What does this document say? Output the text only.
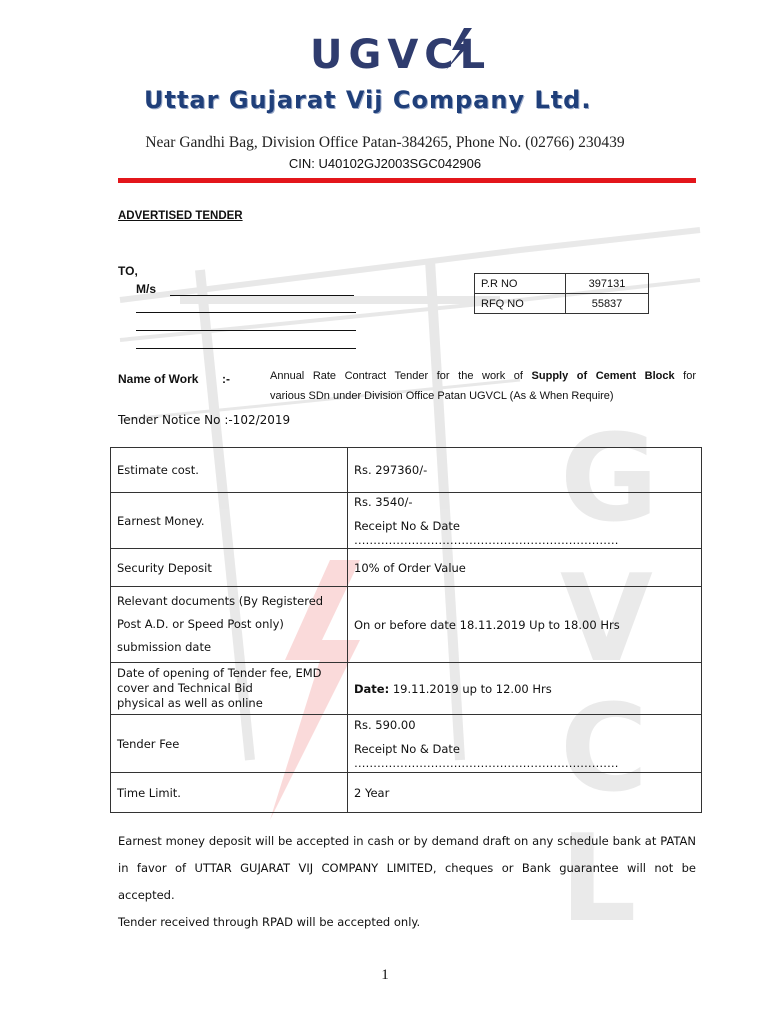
G
V
C
L
UGVCL
Uttar Gujarat Vij Company Ltd.
Near Gandhi Bag, Division Office Patan-384265, Phone No. (02766) 230439
CIN: U40102GJ2003SGC042906
ADVERTISED TENDER
TO,
M/s	P.R NO	397131
RFQ NO	55837
Name of Work :-	Annual Rate Contract Tender for the work of Supply of Cement Block for
various SDn under Division Office Patan UGVCL (As & When Require)
Tender Notice No :-102/2019
Estimate cost.	Rs. 297360/-
Earnest Money.	Rs. 3540/-
Receipt No & Date ……………………………………………………………

Security Deposit	10% of Order Value
Relevant documents (By Registered
Post A.D. or Speed Post only)
submission date	On or before date 18.11.2019 Up to 18.00 Hrs
Date of opening of Tender fee, EMD
cover and Technical Bid
physical as well as online	Date: 19.11.2019 up to 12.00 Hrs
Tender Fee	Rs. 590.00
Receipt No & Date ……………………………………………………………

Time Limit.	2 Year
Earnest money deposit will be accepted in cash or by demand draft on any schedule bank at PATAN
in favor of UTTAR GUJARAT VIJ COMPANY LIMITED, cheques or Bank guarantee will not be
accepted.
Tender received through RPAD will be accepted only.
1
